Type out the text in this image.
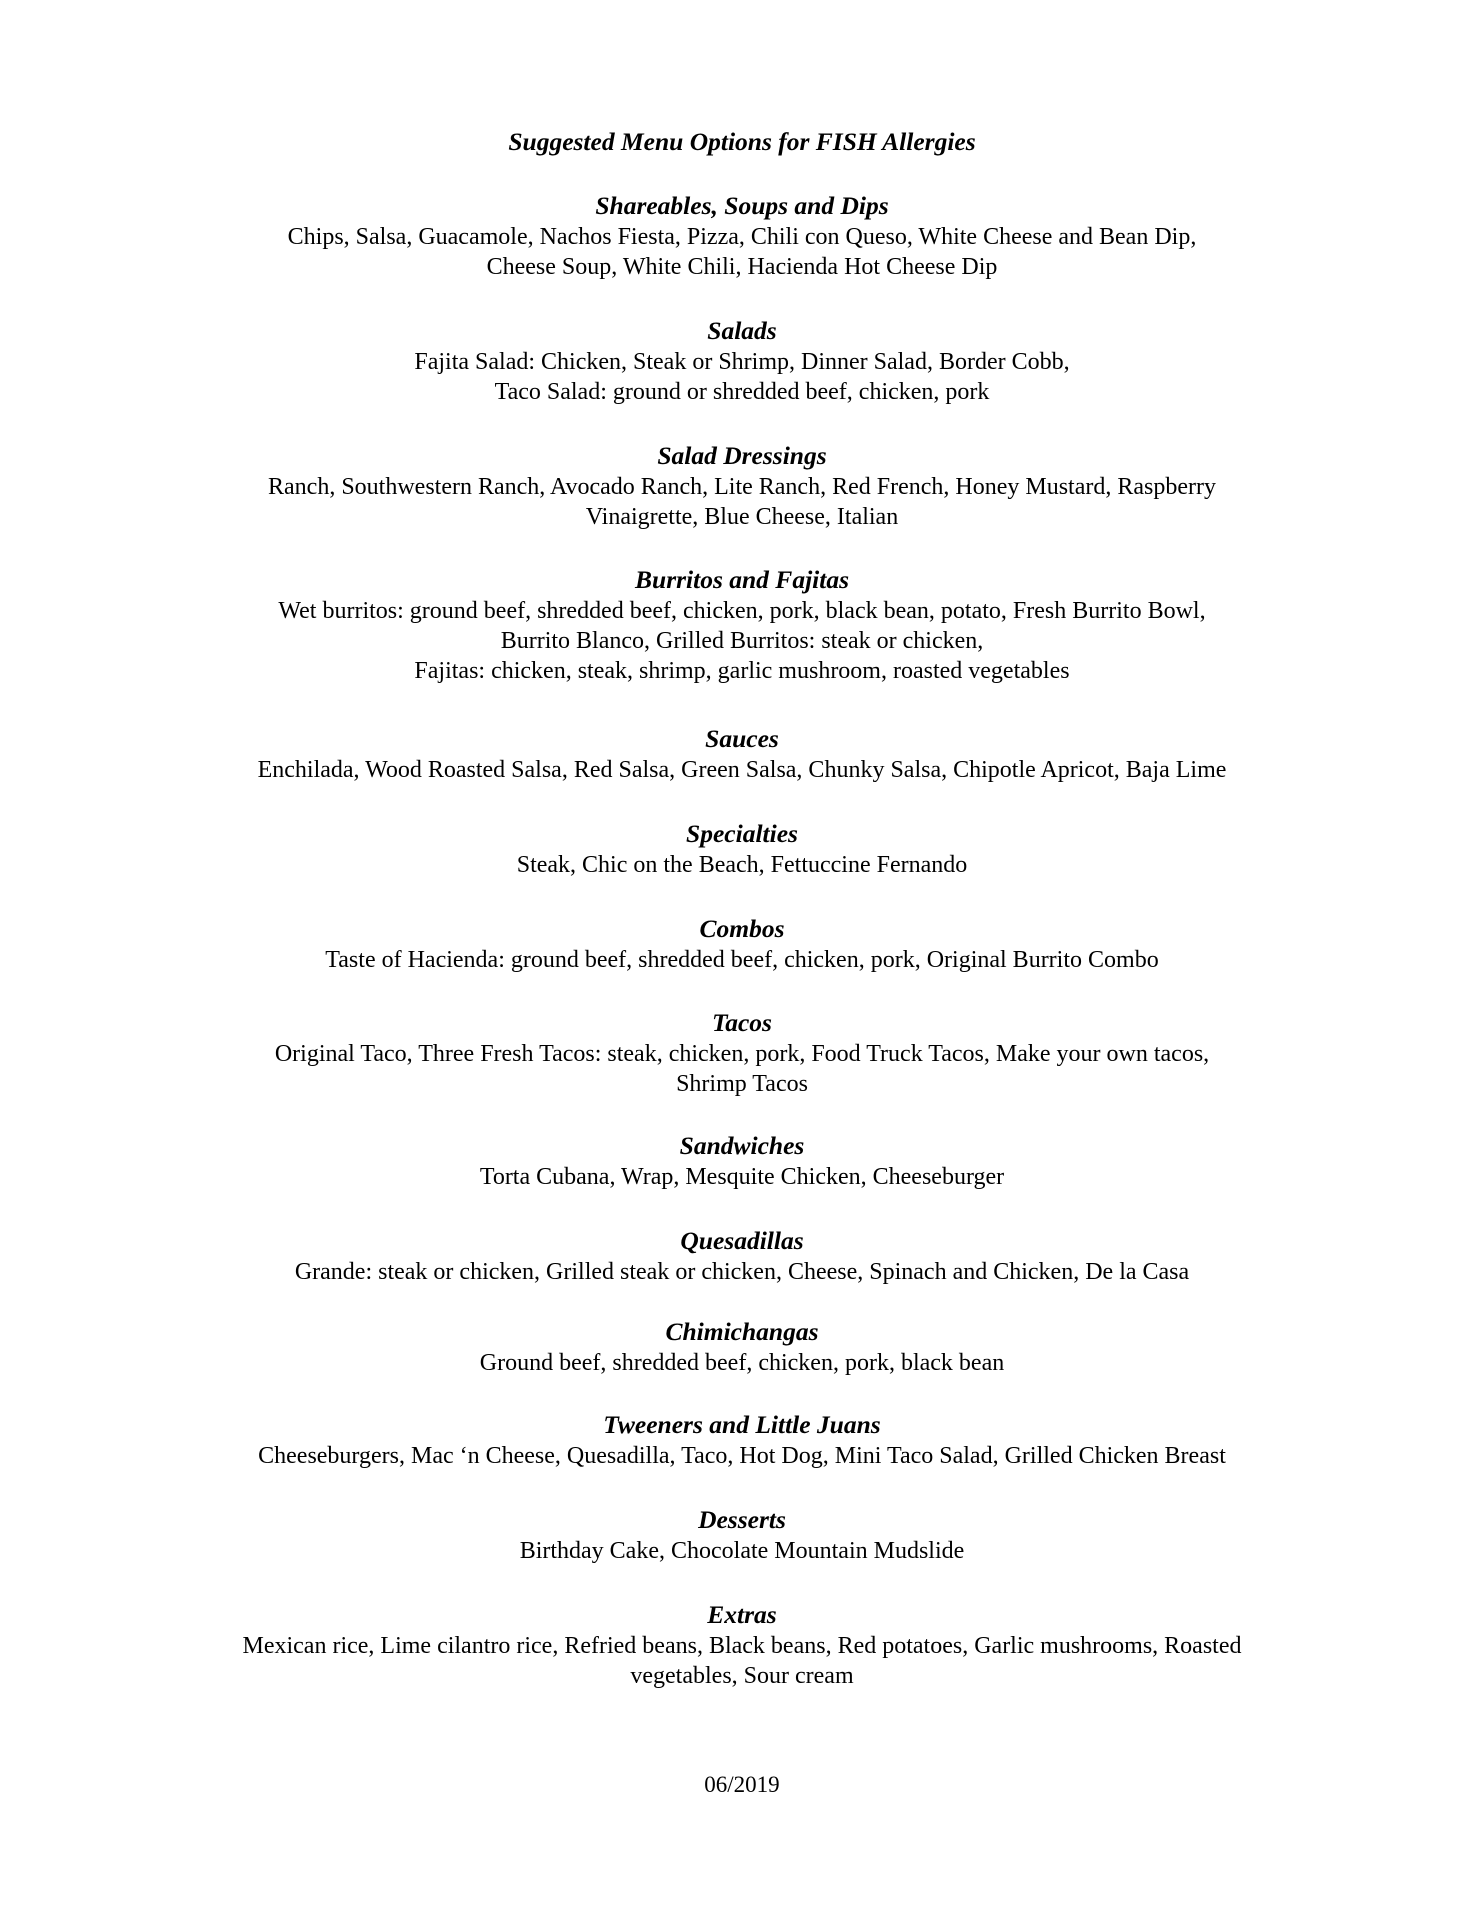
Suggested Menu Options for FISH Allergies
Shareables, Soups and Dips
Chips, Salsa, Guacamole, Nachos Fiesta, Pizza, Chili con Queso, White Cheese and Bean Dip,
Cheese Soup, White Chili, Hacienda Hot Cheese Dip
Salads
Fajita Salad: Chicken, Steak or Shrimp, Dinner Salad, Border Cobb,
Taco Salad: ground or shredded beef, chicken, pork
Salad Dressings
Ranch, Southwestern Ranch, Avocado Ranch, Lite Ranch, Red French, Honey Mustard, Raspberry
Vinaigrette, Blue Cheese, Italian
Burritos and Fajitas
Wet burritos: ground beef, shredded beef, chicken, pork, black bean, potato, Fresh Burrito Bowl,
Burrito Blanco, Grilled Burritos: steak or chicken,
Fajitas: chicken, steak, shrimp, garlic mushroom, roasted vegetables
Sauces
Enchilada, Wood Roasted Salsa, Red Salsa, Green Salsa, Chunky Salsa, Chipotle Apricot, Baja Lime
Specialties
Steak, Chic on the Beach, Fettuccine Fernando
Combos
Taste of Hacienda: ground beef, shredded beef, chicken, pork, Original Burrito Combo
Tacos
Original Taco, Three Fresh Tacos: steak, chicken, pork, Food Truck Tacos, Make your own tacos,
Shrimp Tacos
Sandwiches
Torta Cubana, Wrap, Mesquite Chicken, Cheeseburger
Quesadillas
Grande: steak or chicken, Grilled steak or chicken, Cheese, Spinach and Chicken, De la Casa
Chimichangas
Ground beef, shredded beef, chicken, pork, black bean
Tweeners and Little Juans
Cheeseburgers, Mac ‘n Cheese, Quesadilla, Taco, Hot Dog, Mini Taco Salad, Grilled Chicken Breast
Desserts
Birthday Cake, Chocolate Mountain Mudslide
Extras
Mexican rice, Lime cilantro rice, Refried beans, Black beans, Red potatoes, Garlic mushrooms, Roasted
vegetables, Sour cream
06/2019
